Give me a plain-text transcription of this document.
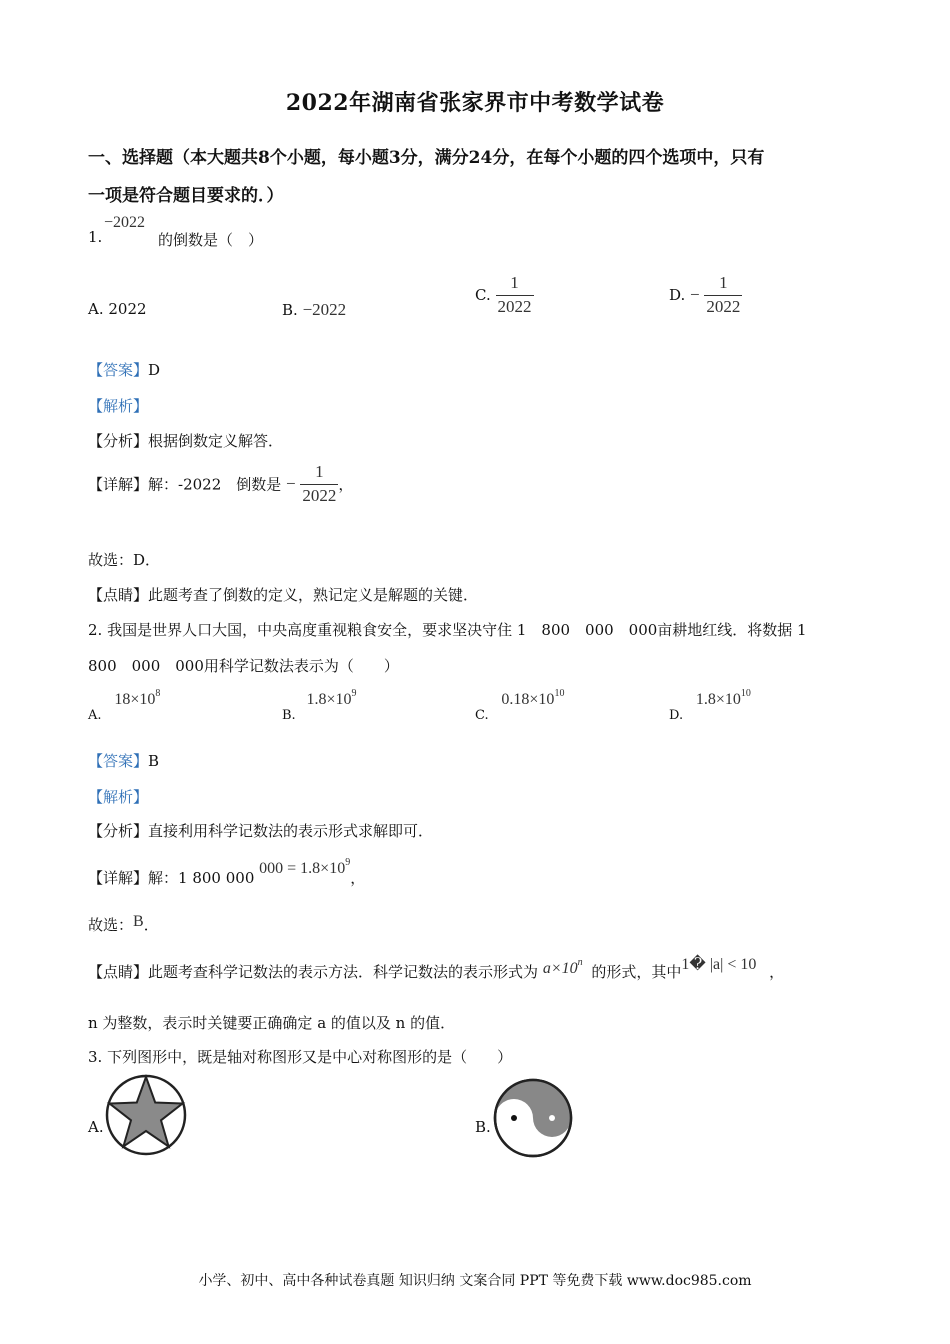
2022年湖南省张家界市中考数学试卷
一、选择题（本大题共8个小题，每小题3分，满分24分，在每个小题的四个选项中，只有
一项是符合题目要求的．）
1.
−2022
的倒数是（　）
A. 2022	B. −2022
C. $\frac{1}{2022}$	D. − $\frac{1}{2022}$
【答案】D
【解析】
【分析】根据倒数定义解答．
【详解】解：-2022　倒数是 − $\frac{1}{2022}$ ，
故选：D．
【点睛】此题考查了倒数的定义，熟记定义是解题的关键．
2. 我国是世界人口大国，中央高度重视粮食安全，要求坚决守住 1　800　000　000亩耕地红线．将数据 1
800　000　000用科学记数法表示为（　　）
A. $18\times 10^8$
B. $1.8\times 10^9$
C. $0.18\times 10^{10}$
D. $1.8\times 10^{10}$
【答案】B
【解析】
【分析】直接利用科学记数法的表示形式求解即可．
【详解】解：1 800 000 $000 = 1.8\times 10^9$，
故选：B．
【点睛】此题考查科学记数法的表示方法．科学记数法的表示形式为 $a\times 10^n$ 的形式，其中1� |a| < 10 ，
n 为整数，表示时关键要正确确定 a 的值以及 n 的值．
3. 下列图形中，既是轴对称图形又是中心对称图形的是（　　）
A.	B.
小学、初中、高中各种试卷真题 知识归纳 文案合同 PPT 等免费下载 www.doc985.com
